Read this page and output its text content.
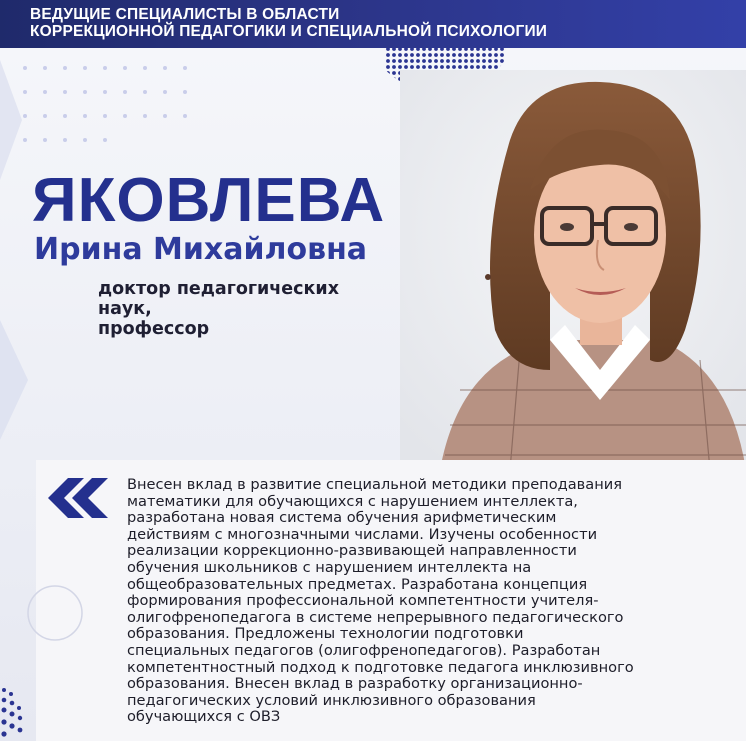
ВЕДУЩИЕ СПЕЦИАЛИСТЫ В ОБЛАСТИ
КОРРЕКЦИОННОЙ ПЕДАГОГИКИ И СПЕЦИАЛЬНОЙ ПСИХОЛОГИИ
ЯКОВЛЕВА
Ирина Михайловна
доктор педагогических наук,
профессор
Внесен вклад в развитие специальной методики преподавания
математики для обучающихся с нарушением интеллекта,
разработана новая система обучения арифметическим
действиям с многозначными числами. Изучены особенности
реализации коррекционно-развивающей направленности
обучения школьников с нарушением интеллекта на
общеобразовательных предметах. Разработана концепция
формирования профессиональной компетентности учителя-
олигофренопедагога в системе непрерывного педагогического
образования. Предложены технологии подготовки
специальных педагогов (олигофренопедагогов). Разработан
компетентностный подход к подготовке педагога инклюзивного
образования. Внесен вклад в разработку организационно-
педагогических условий инклюзивного образования
обучающихся с ОВЗ
